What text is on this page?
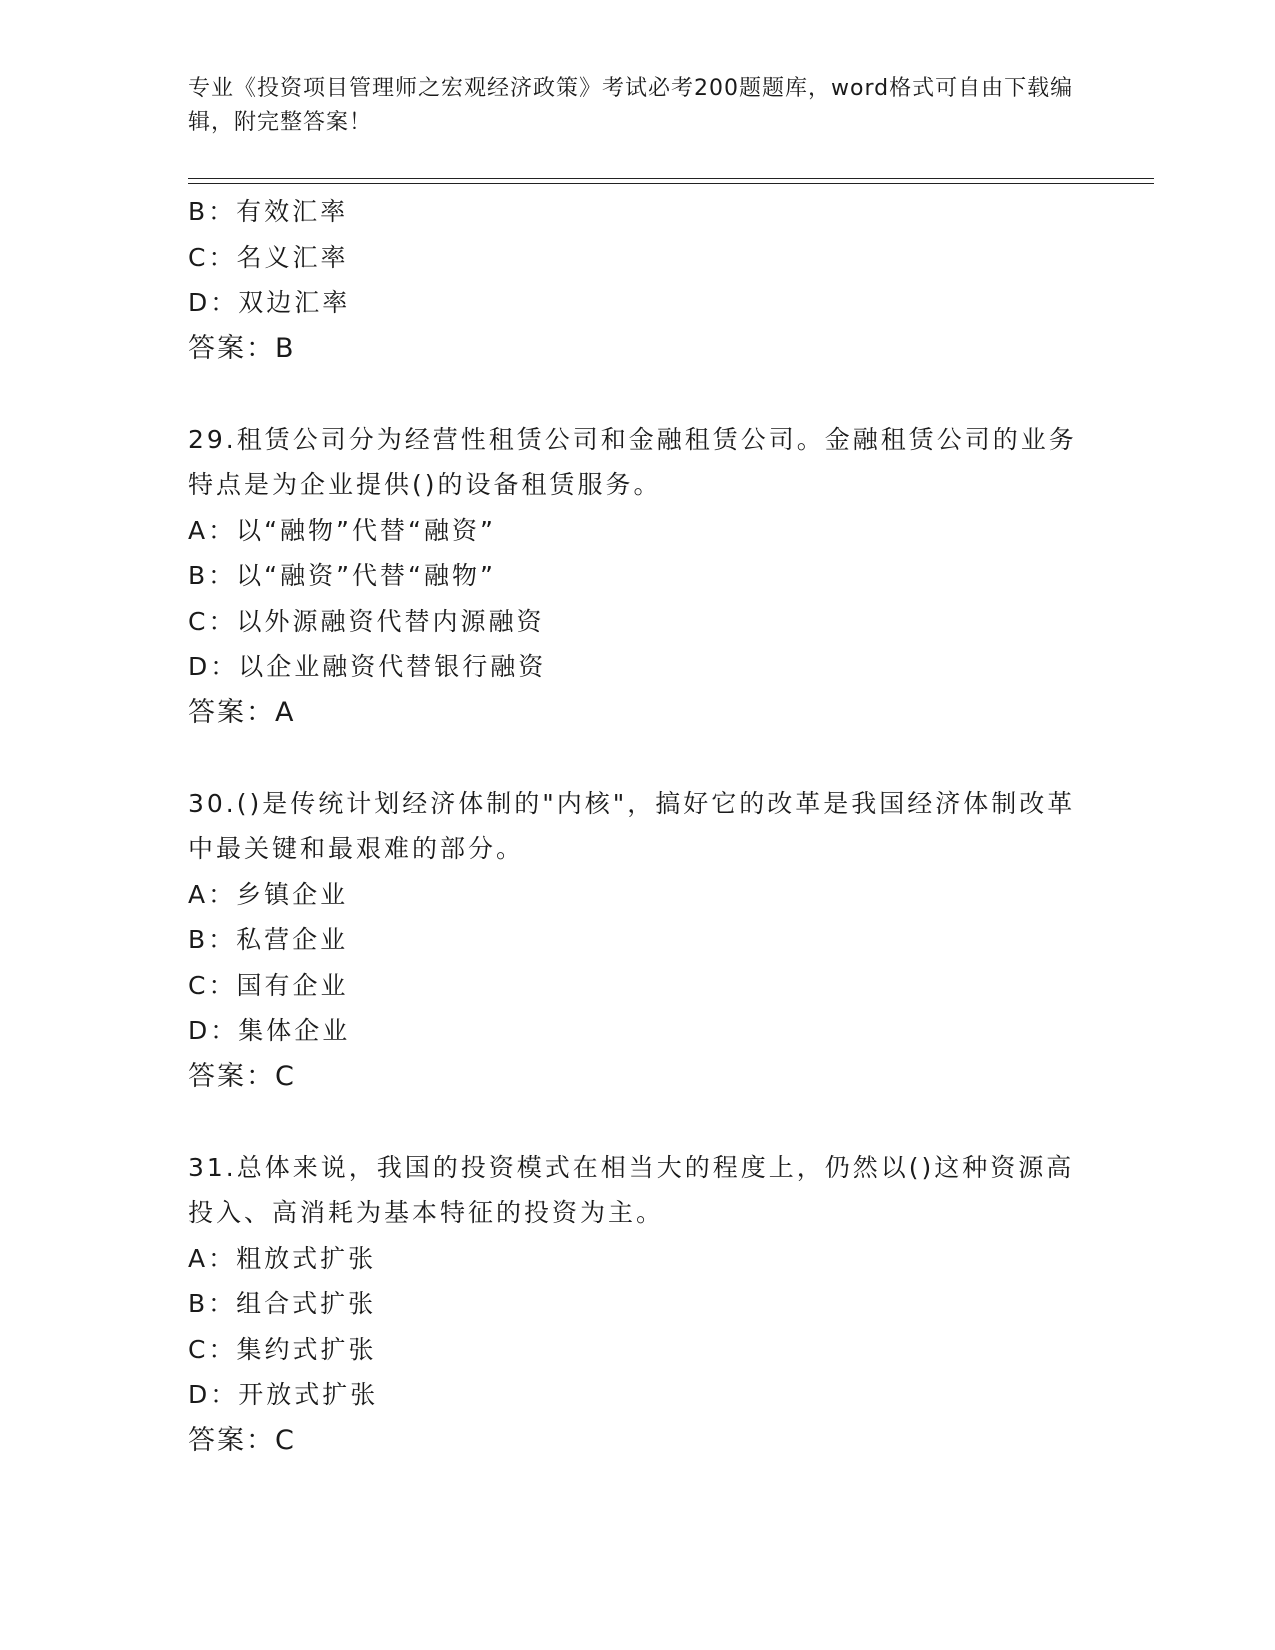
专业《投资项目管理师之宏观经济政策》考试必考200题题库，word格式可自由下载编辑，附完整答案！
B：有效汇率
C：名义汇率
D：双边汇率
答案：B
29.租赁公司分为经营性租赁公司和金融租赁公司。金融租赁公司的业务特点是为企业提供()的设备租赁服务。
A：以“融物”代替“融资”
B：以“融资”代替“融物”
C：以外源融资代替内源融资
D：以企业融资代替银行融资
答案：A
30.()是传统计划经济体制的"内核"，搞好它的改革是我国经济体制改革中最关键和最艰难的部分。
A：乡镇企业
B：私营企业
C：国有企业
D：集体企业
答案：C
31.总体来说，我国的投资模式在相当大的程度上，仍然以()这种资源高投入、高消耗为基本特征的投资为主。
A：粗放式扩张
B：组合式扩张
C：集约式扩张
D：开放式扩张
答案：C
